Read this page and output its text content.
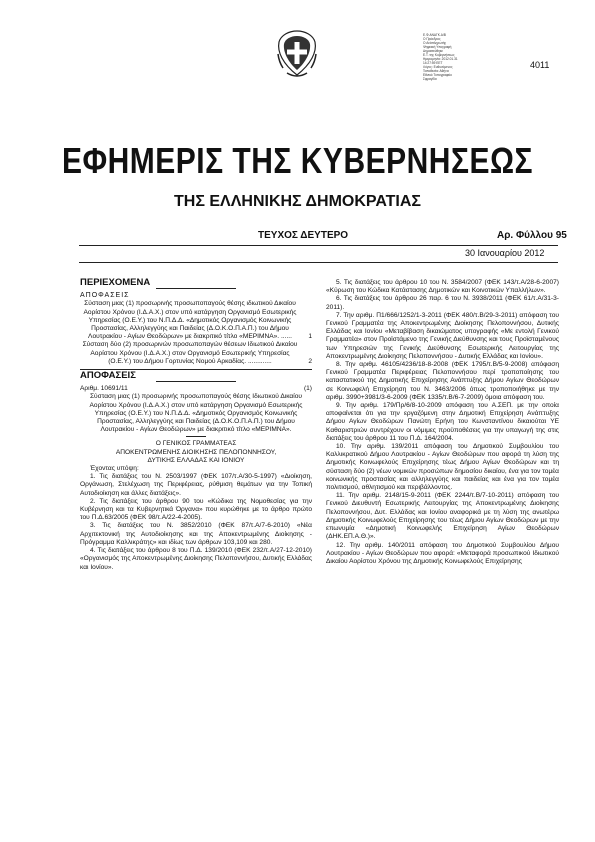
Ε.Φ.ΑΝΑΓΚ.Α/Β
Ο Πρόεδρος
Ο Ανάπληρωτής
Ψηφιακή Υπογραφή
Δημοσιεύθηκε
Ε.Τ. της Κυβερνήσεως
Ημερομηνία: 2012.01.31
14:27:59 EET
Λόγος: Ευθυνόμενος
Τοποθεσία: Αθήνα
Εθνικό Τυπογραφείο
Σφραγίδα
4011
ΕΦΗΜΕΡΙΣ ΤΗΣ ΚΥΒΕΡΝΗΣΕΩΣ
ΤΗΣ ΕΛΛΗΝΙΚΗΣ ΔΗΜΟΚΡΑΤΙΑΣ
ΤΕΥΧΟΣ ΔΕΥΤΕΡΟ	Αρ. Φύλλου 95
30 Ιανουαρίου 2012

ΠΕΡΙΕΧΟΜΕΝΑ

ΑΠΟΦΑΣΕΙΣ

Σύσταση μιας (1) προσωρινής προσωποπαγούς θέσης ιδιωτικού Δικαίου Αορίστου Χρόνου (Ι.Δ.Α.Χ.) στον υπό κατάργηση Οργανισμό Εσωτερικής Υπηρεσίας (Ο.Ε.Υ.) του Ν.Π.Δ.Δ. «Δημοτικός Οργανισμός Κοινωνικής Προστασίας, Αλληλεγγύης και Παιδείας (Δ.Ο.Κ.Ο.Π.Α.Π.) του Δήμου Λουτρακίου - Αγίων Θεοδώρων» με διακριτικό τίτλο «ΜΕΡΙΜΝΑ». ......	1
Σύσταση δύο (2) προσωρινών προσωποπαγών θέσεων Ιδιωτικού Δικαίου Αορίστου Χρόνου (Ι.Δ.Α.Χ.) στον Οργανισμό Εσωτερικής Υπηρεσίας (Ο.Ε.Υ.) του Δήμου Γορτυνίας Νομού Αρκαδίας. .............	2

ΑΠΟΦΑΣΕΙΣ

Αριθμ. 10691/11	(1)

Σύσταση μιας (1) προσωρινής προσωποπαγούς θέσης Ιδιωτικού Δικαίου Αορίστου Χρόνου (Ι.Δ.Α.Χ.) στον υπό κατάργηση Οργανισμό Εσωτερικής Υπηρεσίας (Ο.Ε.Υ.) του Ν.Π.Δ.Δ. «Δημοτικός Οργανισμός Κοινωνικής Προστασίας, Αλληλεγγύης και Παιδείας (Δ.Ο.Κ.Ο.Π.Α.Π.) του Δήμου Λουτρακίου - Αγίων Θεοδώρων» με διακριτικό τίτλο «ΜΕΡΙΜΝΑ».

Ο ΓΕΝΙΚΟΣ ΓΡΑΜΜΑΤΕΑΣ

ΑΠΟΚΕΝΤΡΩΜΕΝΗΣ ΔΙΟΙΚΗΣΗΣ ΠΕΛΟΠΟΝΝΗΣΟΥ,

ΔΥΤΙΚΗΣ ΕΛΛΑΔΑΣ ΚΑΙ ΙΟΝΙΟΥ

Έχοντας υπόψη:

1. Τις διατάξεις του Ν. 2503/1997 (ΦΕΚ 107/τ.Α/30-5-1997) «Διοίκηση, Οργάνωση, Στελέχωση της Περιφέρειας, ρύθμιση θεμάτων για την Τοπική Αυτοδιοίκηση και άλλες διατάξεις».

2. Τις διατάξεις του άρθρου 90 του «Κώδικα της Νομοθεσίας για την Κυβέρνηση και τα Κυβερνητικά Όργανα» που κυρώθηκε με το άρθρο πρώτο του Π.Δ.63/2005 (ΦΕΚ 98/τ.Α/22-4-2005).

3. Τις διατάξεις του Ν. 3852/2010 (ΦΕΚ 87/τ.Α/7-6-2010) «Νέα Αρχιτεκτονική της Αυτοδιοίκησης και της Αποκεντρωμένης Διοίκησης - Πρόγραμμα Καλλικράτης» και ιδίως των άρθρων 103,109 και 280.

4. Τις διατάξεις του άρθρου 8 του Π.Δ. 139/2010 (ΦΕΚ 232/τ.Α/27-12-2010) «Οργανισμός της Αποκεντρωμένης Διοίκησης Πελοποννήσου, Δυτικής Ελλάδας και Ιονίου».

5. Τις διατάξεις του άρθρου 10 του Ν. 3584/2007 (ΦΕΚ 143/τ.Α/28-6-2007) «Κύρωση του Κώδικα Κατάστασης Δημοτικών και Κοινοτικών Υπαλλήλων».

6. Τις διατάξεις του άρθρου 26 παρ. 6 του Ν. 3938/2011 (ΦΕΚ 61/τ.Α/31-3-2011).

7. Την αριθμ. Π1/666/1252/1-3-2011 (ΦΕΚ 480/τ.Β/29-3-2011) απόφαση του Γενικού Γραμματέα της Αποκεντρωμένης Διοίκησης Πελοποννήσου, Δυτικής Ελλάδας και Ιονίου «Μεταβίβαση δικαιώματος υπογραφής «Με εντολή Γενικού Γραμματέα» στον Προϊστάμενο της Γενικής Διεύθυνσης και τους Προϊσταμένους των Υπηρεσιών της Γενικής Διεύθυνσης Εσωτερικής Λειτουργίας της Αποκεντρωμένης Διοίκησης Πελοποννήσου - Δυτικής Ελλάδας και Ιονίου».

8. Την αριθμ. 46105/4236/18-8-2008 (ΦΕΚ 1795/τ.Β/5-9-2008) απόφαση Γενικού Γραμματέα Περιφέρειας Πελοποννήσου περί τροποποίησης του καταστατικού της Δημοτικής Επιχείρησης Ανάπτυξης Δήμου Αγίων Θεοδώρων σε Κοινωφελή Επιχείρηση του Ν. 3463/2006 όπως τροποποιήθηκε με την αριθμ. 3990+3981/3-6-2009 (ΦΕΚ 1335/τ.Β/6-7-2009) όμοια απόφαση του.

9. Την αριθμ. 179/Πρ/6/8-10-2009 απόφαση του Α.ΣΕΠ. με την οποία αποφαίνεται ότι για την εργαζόμενη στην Δημοτική Επιχείρηση Ανάπτυξης Δήμου Αγίων Θεοδώρων Πανώτη Ερήνη του Κωνσταντίνου δικαιούται ΥΕ Καθαριστριών συντρέχουν οι νόμιμες προϋποθέσεις για την υπαγωγή της στις διατάξεις του άρθρου 11 του Π.Δ. 164/2004.

10. Την αριθμ. 139/2011 απόφαση του Δημοτικού Συμβουλίου του Καλλικρατικού Δήμου Λουτρακίου - Αγίων Θεοδώρων που αφορά τη λύση της Δημοτικής Κοινωφελούς Επιχείρησης τέως Δήμου Αγίων Θεοδώρων και τη σύσταση δύο (2) νέων νομικών προσώπων δημοσίου δικαίου, ένα για τον τομέα κοινωνικής προστασίας και αλληλεγγύης και παιδείας και ένα για τον τομέα πολιτισμού, αθλητισμού και περιβάλλοντος.

11. Την αριθμ. 2148/15-9-2011 (ΦΕΚ 2244/τ.Β/7-10-2011) απόφαση του Γενικού Διευθυντή Εσωτερικής Λειτουργίας της Αποκεντρωμένης Διοίκησης Πελοποννήσου, Δυτ. Ελλάδας και Ιονίου αναφορικά με τη λύση της ανωτέρω Δημοτικής Κοινωφελούς Επιχείρησης του τέως Δήμου Αγίων Θεοδώρων με την επωνυμία «Δημοτική Κοινωφελής Επιχείρηση Αγίων Θεοδώρων (ΔΗΚ.ΕΠ.Α.Θ.)».

12. Την αριθμ. 140/2011 απόφαση του Δημοτικού Συμβουλίου Δήμου Λουτρακίου - Αγίων Θεοδώρων που αφορά: «Μεταφορά προσωπικού Ιδιωτικού Δικαίου Αορίστου Χρόνου της Δημοτικής Κοινωφελούς Επιχείρησης
